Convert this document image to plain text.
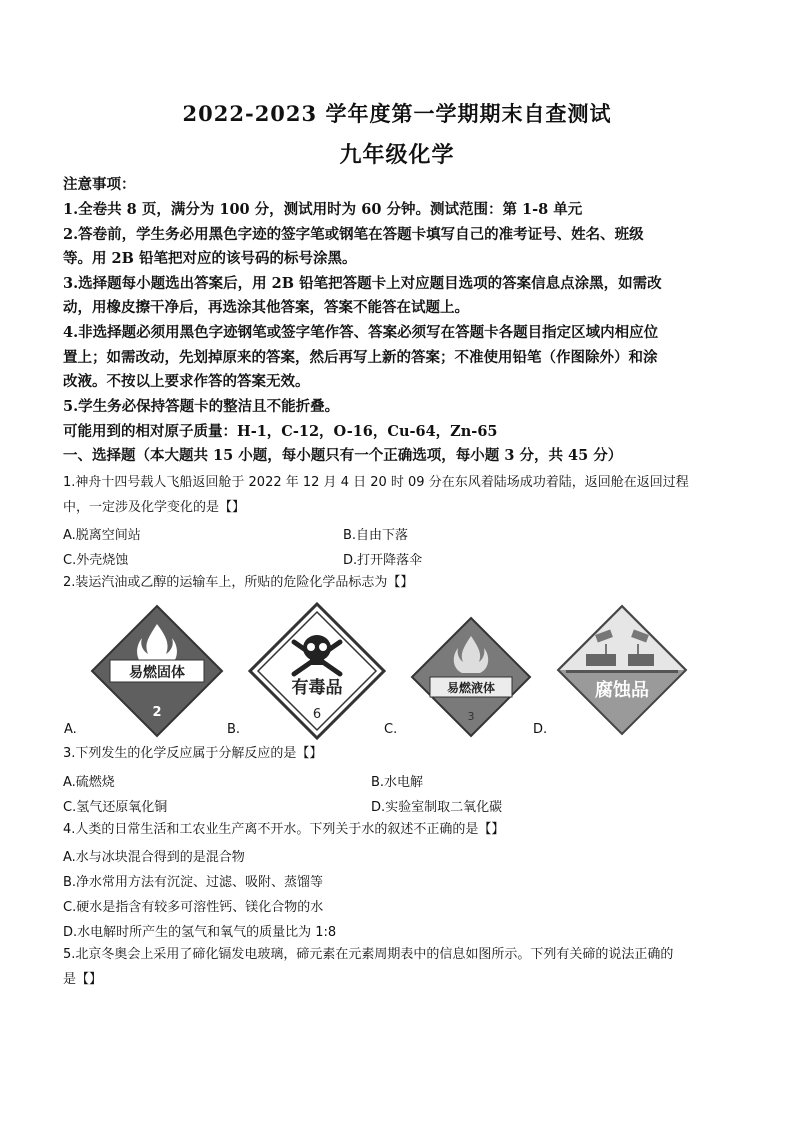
2022-2023 学年度第一学期期末自查测试
九年级化学
注意事项：
1.全卷共 8 页，满分为 100 分，测试用时为 60 分钟。测试范围：第 1-8 单元
2.答卷前，学生务必用黑色字迹的签字笔或钢笔在答题卡填写自己的准考证号、姓名、班级
等。用 2B 铅笔把对应的该号码的标号涂黑。
3.选择题每小题选出答案后，用 2B 铅笔把答题卡上对应题目选项的答案信息点涂黑，如需改
动，用橡皮擦干净后，再选涂其他答案，答案不能答在试题上。
4.非选择题必须用黑色字迹钢笔或签字笔作答、答案必须写在答题卡各题目指定区域内相应位
置上；如需改动，先划掉原来的答案，然后再写上新的答案；不准使用铅笔（作图除外）和涂
改液。不按以上要求作答的答案无效。
5.学生务必保持答题卡的整洁且不能折叠。
可能用到的相对原子质量：H-1，C-12，O-16，Cu-64，Zn-65
一、选择题（本大题共 15 小题，每小题只有一个正确选项，每小题 3 分，共 45 分）
1.神舟十四号载人飞船返回舱于 2022 年 12 月 4 日 20 时 09 分在东风着陆场成功着陆，返回舱在返回过程
中，一定涉及化学变化的是【】
A.脱离空间站	B.自由下落
C.外壳烧蚀	D.打开降落伞
2.装运汽油或乙醇的运输车上，所贴的危险化学品标志为【】
易燃固体
2
A.
有毒品
6
B.
易燃液体
3
C.
腐蚀品
D.
3.下列发生的化学反应属于分解反应的是【】
A.硫燃烧	B.水电解
C.氢气还原氧化铜	D.实验室制取二氧化碳
4.人类的日常生活和工农业生产离不开水。下列关于水的叙述不正确的是【】
A.水与冰块混合得到的是混合物
B.净水常用方法有沉淀、过滤、吸附、蒸馏等
C.硬水是指含有较多可溶性钙、镁化合物的水
D.水电解时所产生的氢气和氧气的质量比为 1:8
5.北京冬奥会上采用了碲化镉发电玻璃，碲元素在元素周期表中的信息如图所示。下列有关碲的说法正确的
是【】
